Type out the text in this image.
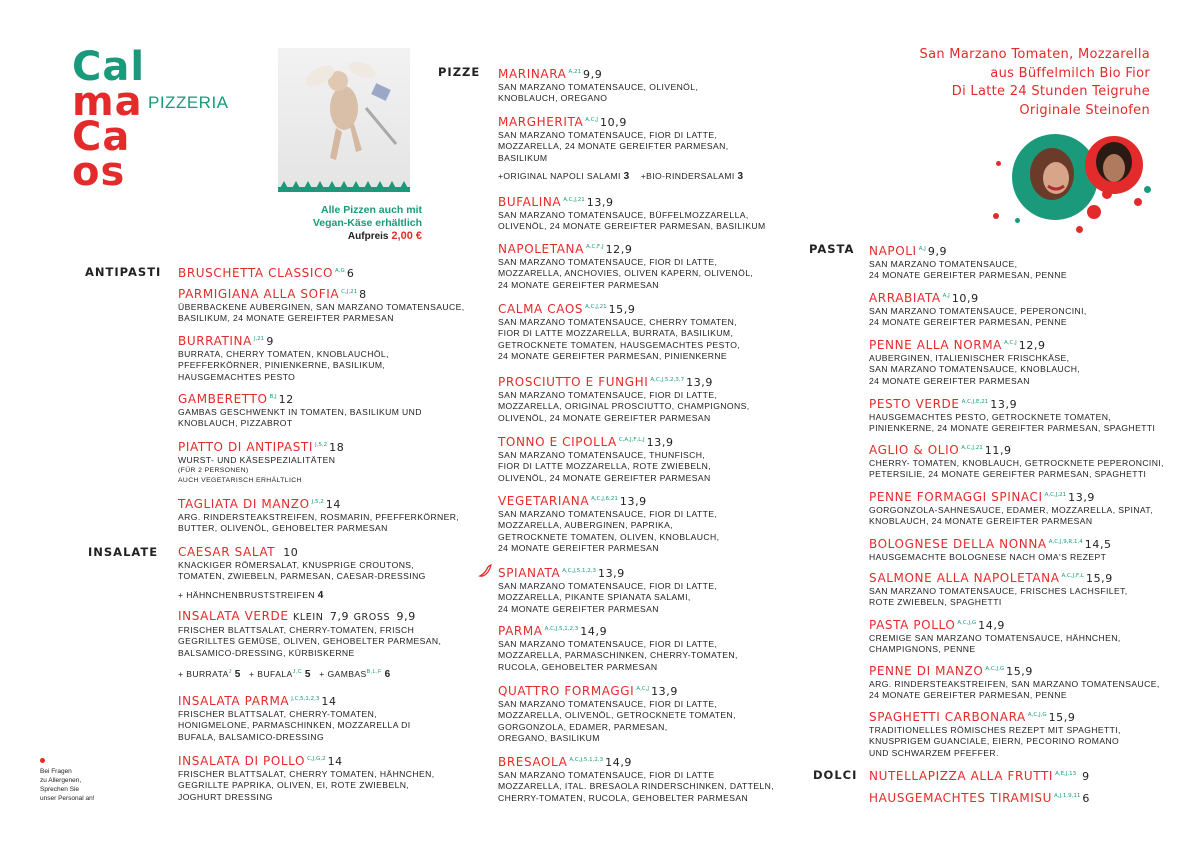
Cal
ma
Ca
os
PIZZERIA
Alle Pizzen auch mit
Vegan-Käse erhältlich
Aufpreis 2,00 €
San Marzano Tomaten, Mozzarella
aus Büffelmilch Bio Fior
Di Latte 24 Stunden Teigruhe
Originale Steinofen
ANTIPASTI
INSALATE
PIZZE
PASTA
DOLCI
BRUSCHETTA CLASSICO $^{A,G}$ 6
PARMIGIANA ALLA SOFIA $^{C,J,21}$ 8
ÜBERBACKENE AUBERGINEN, SAN MARZANO TOMATENSAUCE,
BASILIKUM, 24 MONATE GEREIFTER PARMESAN
BURRATINA $^{J,21}$ 9
BURRATA, CHERRY TOMATEN, KNOBLAUCHÖL,
PFEFFERKÖRNER, PINIENKERNE, BASILIKUM,
HAUSGEMACHTES PESTO
GAMBERETTO $^{B,J}$ 12
GAMBAS GESCHWENKT IN TOMATEN, BASILIKUM UND
KNOBLAUCH, PIZZABROT
PIATTO DI ANTIPASTI $^{J,5,2}$ 18
WURST- UND KÄSESPEZIALITÄTEN
(FÜR 2 PERSONEN)
AUCH VEGETARISCH ERHÄLTLICH
TAGLIATA DI MANZO $^{J,5,2}$ 14
ARG. RINDERSTEAKSTREIFEN, ROSMARIN, PFEFFERKÖRNER,
BUTTER, OLIVENÖL, GEHOBELTER PARMESAN
CAESAR SALAT 10
KNACKIGER RÖMERSALAT, KNUSPRIGE CROUTONS,
TOMATEN, ZWIEBELN, PARMESAN, CAESAR-DRESSING
+ HÄHNCHENBRUSTSTREIFEN 4
INSALATA VERDE KLEIN 7,9 GROSS 9,9
FRISCHER BLATTSALAT, CHERRY-TOMATEN, FRISCH
GEGRILLTES GEMÜSE, OLIVEN, GEHOBELTER PARMESAN,
BALSAMICO-DRESSING, KÜRBISKERNE
+ $BURRATA^J$ $5 + BUFALA^{J,C}$ $5 + GAMBAS^{B,L,F}$ 6
INSALATA PARMA $^{J,C,5,1,2,3}$ 14
FRISCHER BLATTSALAT, CHERRY-TOMATEN,
HONIGMELONE, PARMASCHINKEN, MOZZARELLA DI
BUFALA, BALSAMICO-DRESSING
INSALATA DI POLLO $^{C,J,G,2}$ 14
FRISCHER BLATTSALAT, CHERRY TOMATEN, HÄHNCHEN,
GEGRILLTE PAPRIKA, OLIVEN, EI, ROTE ZWIEBELN,
JOGHURT DRESSING
Bei Fragen
zu Allergenen,
Sprechen Sie
unser Personal an!
MARINARA $^{A,21}$ 9,9
SAN MARZANO TOMATENSAUCE, OLIVENÖL,
KNOBLAUCH, OREGANO
MARGHERITA $^{A,C,J}$ 10,9
SAN MARZANO TOMATENSAUCE, FIOR DI LATTE,
MOZZARELLA, 24 MONATE GEREIFTER PARMESAN,
BASILIKUM
+ORIGINAL NAPOLI SALAMI 3 +BIO-RINDERSALAMI 3
BUFALINA $^{A,C,J,21}$ 13,9
SAN MARZANO TOMATENSAUCE, BÜFFELMOZZARELLA,
OLIVENÖL, 24 MONATE GEREIFTER PARMESAN, BASILIKUM
NAPOLETANA $^{A,C,F,J}$ 12,9
SAN MARZANO TOMATENSAUCE, FIOR DI LATTE,
MOZZARELLA, ANCHOVIES, OLIVEN KAPERN, OLIVENÖL,
24 MONATE GEREIFTER PARMESAN
CALMA CAOS $^{A,C,J,21}$ 15,9
SAN MARZANO TOMATENSAUCE, CHERRY TOMATEN,
FIOR DI LATTE MOZZARELLA, BURRATA, BASILIKUM,
GETROCKNETE TOMATEN, HAUSGEMACHTES PESTO,
24 MONATE GEREIFTER PARMESAN, PINIENKERNE
PROSCIUTTO E FUNGHI $^{A,C,J,5,2,3,7}$ 13,9
SAN MARZANO TOMATENSAUCE, FIOR DI LATTE,
MOZZARELLA, ORIGINAL PROSCIUTTO, CHAMPIGNONS,
OLIVENÖL, 24 MONATE GEREIFTER PARMESAN
TONNO E CIPOLLA $^{C,A,J,F,L,J}$ 13,9
SAN MARZANO TOMATENSAUCE, THUNFISCH,
FIOR DI LATTE MOZZARELLA, ROTE ZWIEBELN,
OLIVENÖL, 24 MONATE GEREIFTER PARMESAN
VEGETARIANA $^{A,C,J,6,21}$ 13,9
SAN MARZANO TOMATENSAUCE, FIOR DI LATTE,
MOZZARELLA, AUBERGINEN, PAPRIKA,
GETROCKNETE TOMATEN, OLIVEN, KNOBLAUCH,
24 MONATE GEREIFTER PARMESAN
SPIANATA $^{A,C,J,5,1,2,3}$ 13,9
SAN MARZANO TOMATENSAUCE, FIOR DI LATTE,
MOZZARELLA, PIKANTE SPIANATA SALAMI,
24 MONATE GEREIFTER PARMESAN
PARMA $^{A,C,J,5,1,2,3}$ 14,9
SAN MARZANO TOMATENSAUCE, FIOR DI LATTE,
MOZZARELLA, PARMASCHINKEN, CHERRY-TOMATEN,
RUCOLA, GEHOBELTER PARMESAN
QUATTRO FORMAGGI $^{A,C,J}$ 13,9
SAN MARZANO TOMATENSAUCE, FIOR DI LATTE,
MOZZARELLA, OLIVENÖL, GETROCKNETE TOMATEN,
GORGONZOLA, EDAMER, PARMESAN,
OREGANO, BASILIKUM
BRESAOLA $^{A,C,J,5,1,2,3}$ 14,9
SAN MARZANO TOMATENSAUCE, FIOR DI LATTE
MOZZARELLA, ITAL. BRESAOLA RINDERSCHINKEN, DATTELN,
CHERRY-TOMATEN, RUCOLA, GEHOBELTER PARMESAN
NAPOLI $^{A,J}$ 9,9
SAN MARZANO TOMATENSAUCE,
24 MONATE GEREIFTER PARMESAN, PENNE
ARRABIATA $^{A,J}$ 10,9
SAN MARZANO TOMATENSAUCE, PEPERONCINI,
24 MONATE GEREIFTER PARMESAN, PENNE
PENNE ALLA NORMA $^{A,C,J}$ 12,9
AUBERGINEN, ITALIENISCHER FRISCHKÄSE,
SAN MARZANO TOMATENSAUCE, KNOBLAUCH,
24 MONATE GEREIFTER PARMESAN
PESTO VERDE $^{A,C,J,E,21}$ 13,9
HAUSGEMACHTES PESTO, GETROCKNETE TOMATEN,
PINIENKERNE, 24 MONATE GEREIFTER PARMESAN, SPAGHETTI
AGLIO & OLIO $^{A,C,J,21}$ 11,9
CHERRY- TOMATEN, KNOBLAUCH, GETROCKNETE PEPERONCINI,
PETERSILIE, 24 MONATE GEREIFTER PARMESAN, SPAGHETTI
PENNE FORMAGGI SPINACI $^{A,C,J,21}$ 13,9
GORGONZOLA-SAHNESAUCE, EDAMER, MOZZARELLA, SPINAT,
KNOBLAUCH, 24 MONATE GEREIFTER PARMESAN
BOLOGNESE DELLA NONNA $^{A,C,J,9,R,1,4}$ 14,5
HAUSGEMACHTE BOLOGNESE NACH OMA'S REZEPT
SALMONE ALLA NAPOLETANA $^{A,C,J,F,L}$ 15,9
SAN MARZANO TOMATENSAUCE, FRISCHES LACHSFILET,
ROTE ZWIEBELN, SPAGHETTI
PASTA POLLO $^{A,C,J,G}$ 14,9
CREMIGE SAN MARZANO TOMATENSAUCE, HÄHNCHEN,
CHAMPIGNONS, PENNE
PENNE DI MANZO $^{A,C,J,G}$ 15,9
ARG. RINDERSTEAKSTREIFEN, SAN MARZANO TOMATENSAUCE,
24 MONATE GEREIFTER PARMESAN, PENNE
SPAGHETTI CARBONARA $^{A,C,J,G}$ 15,9
TRADITIONELLES RÖMISCHES REZEPT MIT SPAGHETTI,
KNUSPRIGEM GUANCIALE, EIERN, PECORINO ROMANO
UND SCHWARZEM PFEFFER.
NUTELLAPIZZA ALLA FRUTTI $^{A,E,J,13}$ 9
HAUSGEMACHTES TIRAMISU $^{A,J,1,9,11}$ 6
